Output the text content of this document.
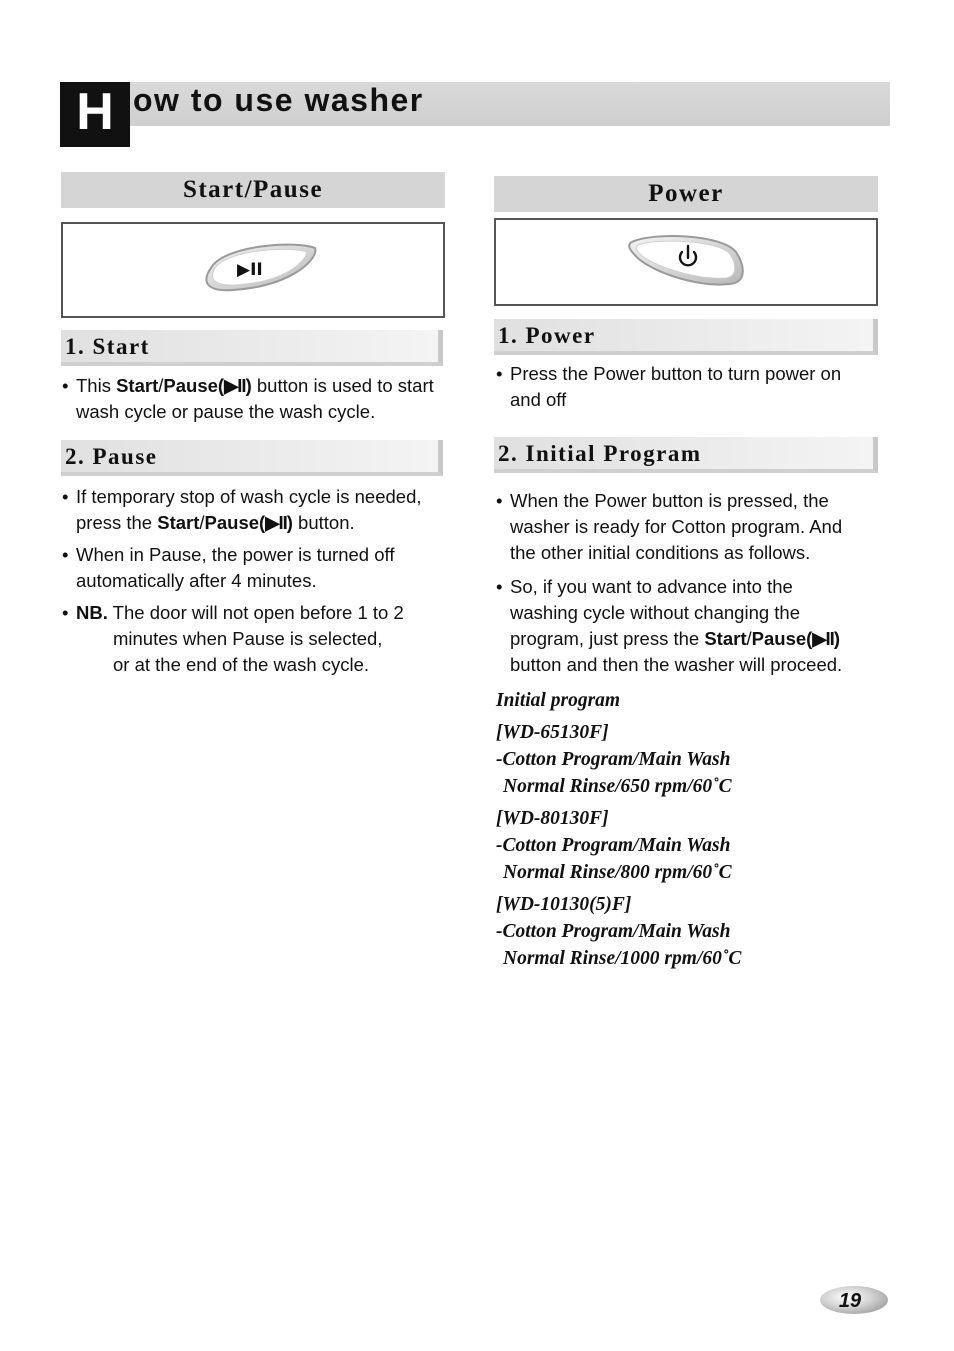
H ow to use washer
Start/Pause
▶II
1. Start
• This Start/Pause(▶II) button is used to start
wash cycle or pause the wash cycle.
2. Pause
• If temporary stop of wash cycle is needed,
press the Start/Pause(▶II) button.
• When in Pause, the power is turned off
automatically after 4 minutes.
• NB. The door will not open before 1 to 2
minutes when Pause is selected,
or at the end of the wash cycle.
Power
1. Power
• Press the Power button to turn power on
and off
2. Initial Program
• When the Power button is pressed, the
washer is ready for Cotton program. And
the other initial conditions as follows.
• So, if you want to advance into the
washing cycle without changing the
program, just press the Start/Pause(▶II)
button and then the washer will proceed.
Initial program
[WD-65130F]
-Cotton Program/Main Wash
Normal Rinse/650 rpm/60˚C
[WD-80130F]
-Cotton Program/Main Wash
Normal Rinse/800 rpm/60˚C
[WD-10130(5)F]
-Cotton Program/Main Wash
Normal Rinse/1000 rpm/60˚C
19
